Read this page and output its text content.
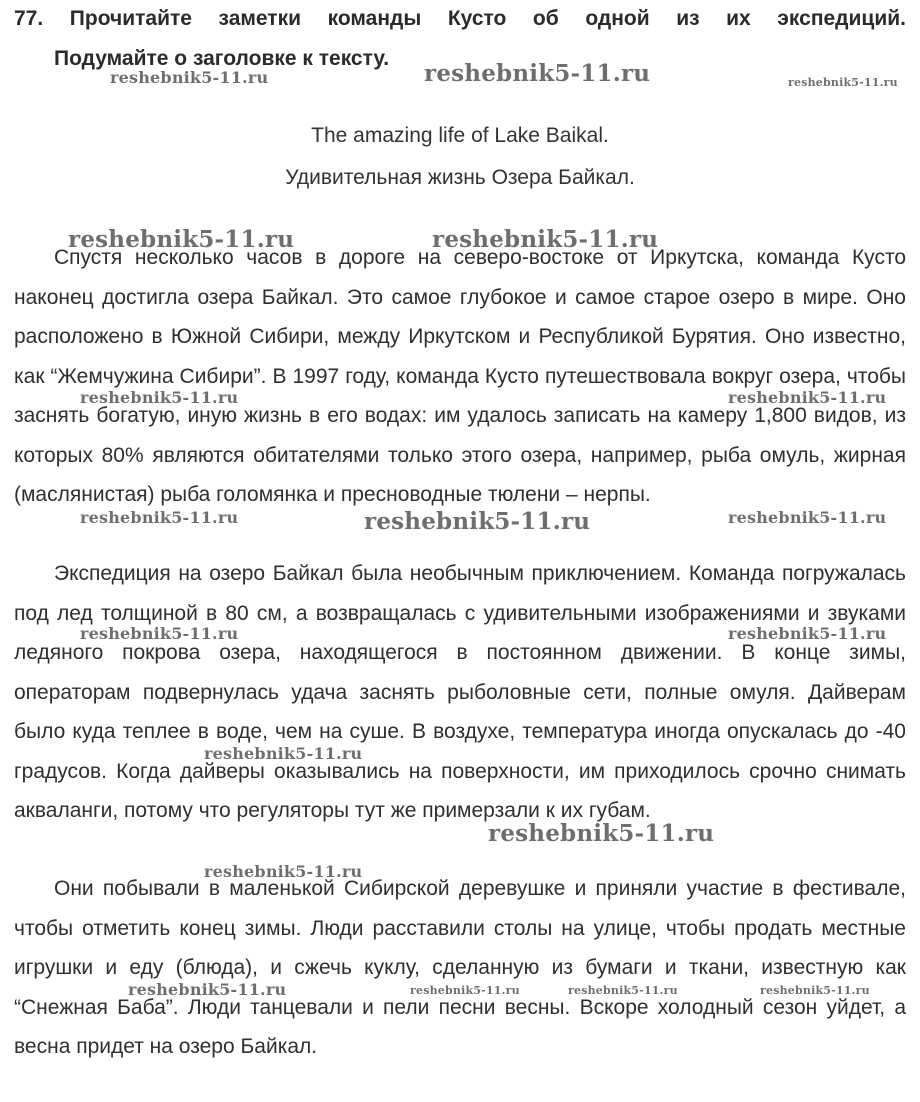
77. Прочитайте заметки команды Кусто об одной из их экспедиций.
Подумайте о заголовке к тексту.
The amazing life of Lake Baikal.
Удивительная жизнь Озера Байкал.
Спустя несколько часов в дороге на северо-востоке от Иркутска, команда Кусто наконец достигла озера Байкал. Это самое глубокое и самое старое озеро в мире. Оно расположено в Южной Сибири, между Иркутском и Республикой Бурятия. Оно известно, как “Жемчужина Сибири”. В 1997 году, команда Кусто путешествовала вокруг озера, чтобы заснять богатую, иную жизнь в его водах: им удалось записать на камеру 1,800 видов, из которых 80% являются обитателями только этого озера, например, рыба омуль, жирная (маслянистая) рыба голомянка и пресноводные тюлени – нерпы.
Экспедиция на озеро Байкал была необычным приключением. Команда погружалась под лед толщиной в 80 см, а возвращалась с удивительными изображениями и звуками ледяного покрова озера, находящегося в постоянном движении. В конце зимы, операторам подвернулась удача заснять рыболовные сети, полные омуля. Дайверам было куда теплее в воде, чем на суше. В воздухе, температура иногда опускалась до -40 градусов. Когда дайверы оказывались на поверхности, им приходилось срочно снимать акваланги, потому что регуляторы тут же примерзали к их губам.
Они побывали в маленькой Сибирской деревушке и приняли участие в фестивале, чтобы отметить конец зимы. Люди расставили столы на улице, чтобы продать местные игрушки и еду (блюда), и сжечь куклу, сделанную из бумаги и ткани, известную как “Снежная Баба”. Люди танцевали и пели песни весны. Вскоре холодный сезон уйдет, а весна придет на озеро Байкал.
reshebnik5-11.ru	reshebnik5-11.ru	reshebnik5-11.ru
reshebnik5-11.ru	reshebnik5-11.ru
reshebnik5-11.ru	reshebnik5-11.ru
reshebnik5-11.ru	reshebnik5-11.ru	reshebnik5-11.ru
reshebnik5-11.ru	reshebnik5-11.ru
reshebnik5-11.ru
reshebnik5-11.ru
reshebnik5-11.ru
reshebnik5-11.ru	reshebnik5-11.ru	reshebnik5-11.ru	reshebnik5-11.ru
